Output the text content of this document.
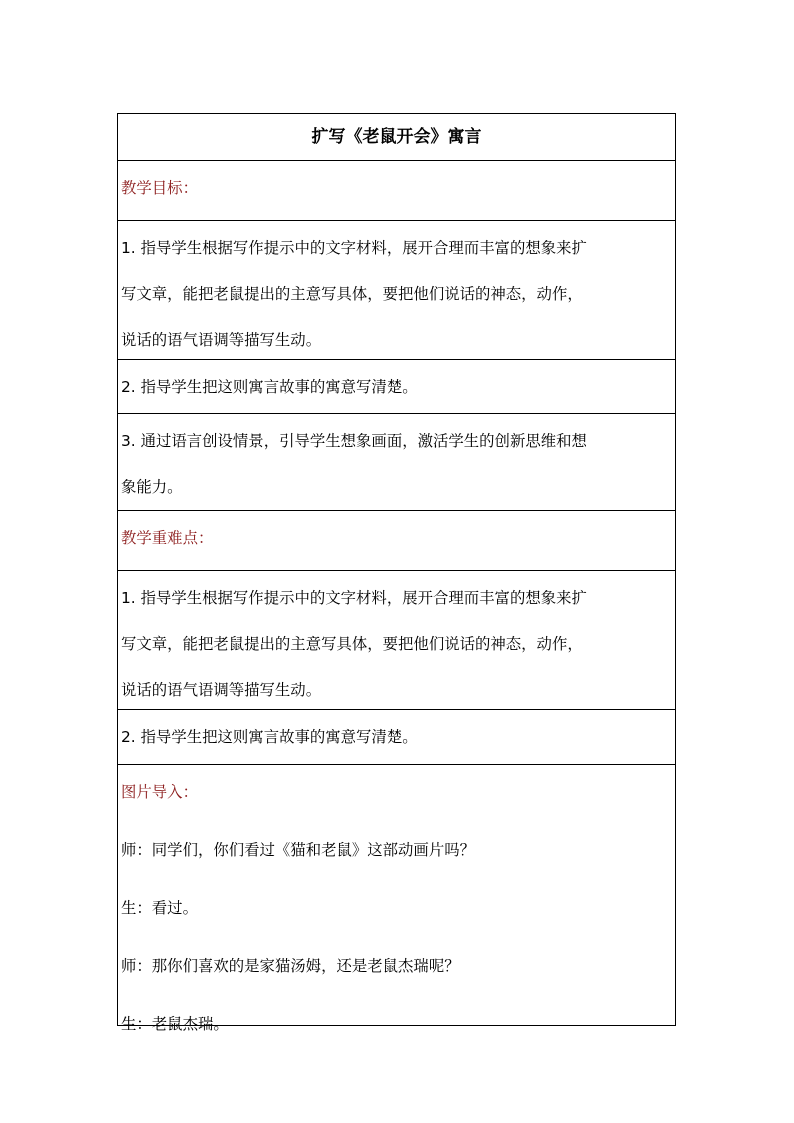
扩写《老鼠开会》寓言
教学目标：
1. 指导学生根据写作提示中的文字材料，展开合理而丰富的想象来扩
写文章，能把老鼠提出的主意写具体，要把他们说话的神态，动作，
说话的语气语调等描写生动。
2. 指导学生把这则寓言故事的寓意写清楚。
3. 通过语言创设情景，引导学生想象画面，激活学生的创新思维和想
象能力。
教学重难点：
1. 指导学生根据写作提示中的文字材料，展开合理而丰富的想象来扩
写文章，能把老鼠提出的主意写具体，要把他们说话的神态，动作，
说话的语气语调等描写生动。
2. 指导学生把这则寓言故事的寓意写清楚。
图片导入：
师：同学们，你们看过《猫和老鼠》这部动画片吗？
生：看过。
师：那你们喜欢的是家猫汤姆，还是老鼠杰瑞呢？
生：老鼠杰瑞。
